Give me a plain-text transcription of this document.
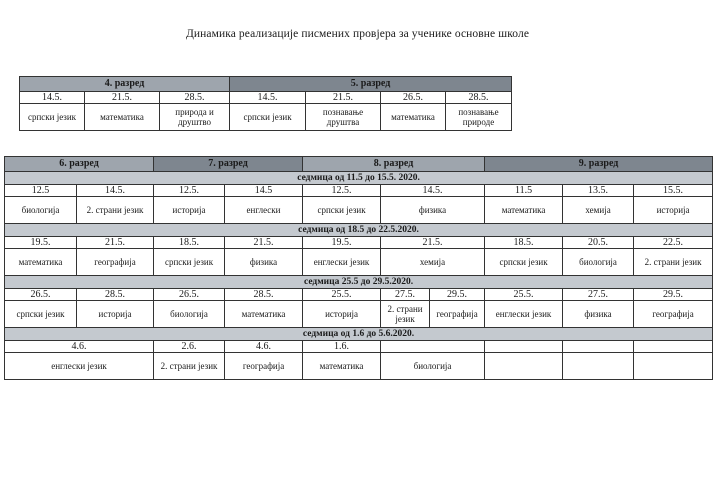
Динамика реализације писмених провјера за ученике основне школе
4. разред			5. разред			
14.5.	21.5.	28.5.	14.5.	21.5.	26.5.	28.5.
српски језик	математика	природа и друштво	српски језик	познавање друштва	математика	познавање природе
6. разред		7. разред		8. разред			9. разред		
седмица од 11.5 до 15.5. 2020.									
12.5	14.5.	12.5.	14.5	12.5.	14.5.		11.5	13.5.	15.5.
биологија	2. страни језик	историја	енглески	српски језик	физика		математика	хемија	историја
седмица од 18.5 до 22.5.2020.									
19.5.	21.5.	18.5.	21.5.	19.5.	21.5.		18.5.	20.5.	22.5.
математика	географија	српски језик	физика	енглески језик	хемија		српски језик	биологија	2. страни језик
седмица 25.5 до 29.5.2020.									
26.5.	28.5.	26.5.	28.5.	25.5.	27.5.	29.5.	25.5.	27.5.	29.5.
српски језик	историја	биологија	математика	историја	2. страни језик	географија	енглески језик	физика	географија
седмица од 1.6 до 5.6.2020.									
4.6.		2.6.	4.6.	1.6.					
енглески језик		2. страни језик	географија	математика	биологија				
